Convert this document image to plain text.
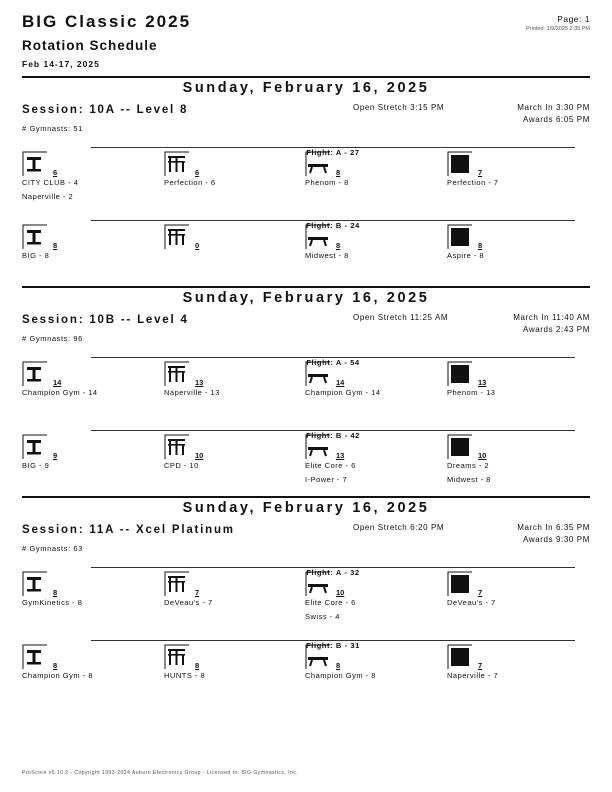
BIG Classic 2025
Rotation Schedule
Feb 14-17, 2025
Page: 1
Printed: 1/9/2025 2:35 PM
Sunday, February 16, 2025
Session: 10A -- Level 8	Open Stretch 3:15 PM	March In 3:30 PM
Awards 6:05 PM
# Gymnasts: 51
Flight: A - 27
6
CITY CLUB - 4
Naperville - 2
6
Perfection - 6
8
Phenom - 8
7
Perfection - 7
Flight: B - 24
8
BIG - 8
0	8
Midwest - 8
8
Aspire - 8
Sunday, February 16, 2025
Session: 10B -- Level 4	Open Stretch 11:25 AM	March In 11:40 AM
Awards 2:43 PM
# Gymnasts: 96
Flight: A - 54
14
Champion Gym - 14
13
Naperville - 13
14
Champion Gym - 14
13
Phenom - 13
Flight: B - 42
9
BIG - 9
10
CPD - 10
13
Elite Core - 6
I-Power - 7
10
Dreams - 2
Midwest - 8
Sunday, February 16, 2025
Session: 11A -- Xcel Platinum	Open Stretch 6:20 PM	March In 6:35 PM
Awards 9:30 PM
# Gymnasts: 63
Flight: A - 32
8
GymKinetics - 8
7
DeVeau's - 7
10
Elite Core - 6
Swiss - 4
7
DeVeau's - 7
Flight: B - 31
8
Champion Gym - 8
8
HUNTS - 8
8
Champion Gym - 8
7
Naperville - 7
ProScore v5.10.2 - Copyright 1993-2024 Auburn Electronics Group - Licensed to: BIG Gymnastics, Inc.
